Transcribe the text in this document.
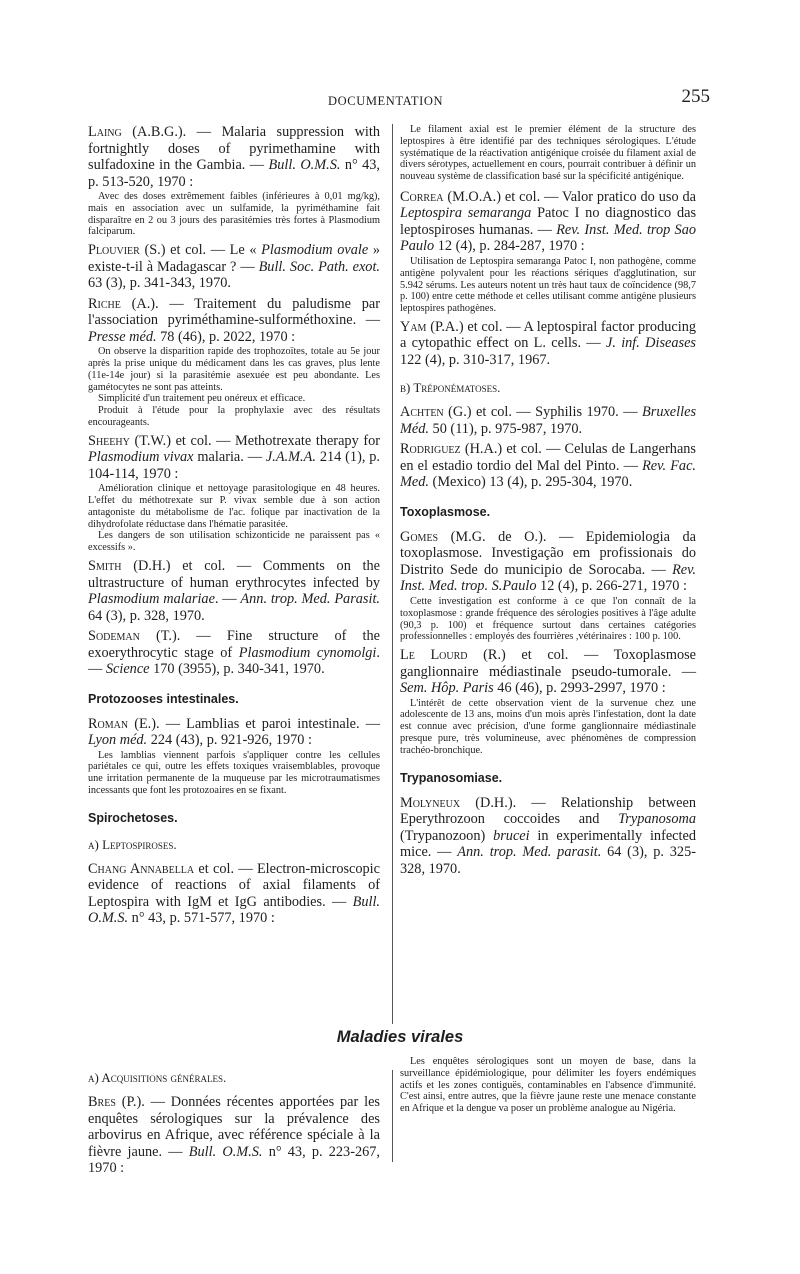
DOCUMENTATION	255
Laing (A.B.G.). — Malaria suppression with fortnightly doses of pyrimethamine with sulfadoxine in the Gambia. — Bull. O.M.S. n° 43, p. 513-520, 1970 :

Avec des doses extrêmement faibles (inférieures à 0,01 mg/kg), mais en association avec un sulfamide, la pyriméthamine fait disparaître en 2 ou 3 jours des parasitémies très fortes à Plasmodium falciparum.

Plouvier (S.) et col. — Le « Plasmodium ovale » existe-t-il à Madagascar ? — Bull. Soc. Path. exot. 63 (3), p. 341-343, 1970.
Riche (A.). — Traitement du paludisme par l'association pyriméthamine-sulforméthoxine. — Presse méd. 78 (46), p. 2022, 1970 :

On observe la disparition rapide des trophozoïtes, totale au 5e jour après la prise unique du médicament dans les cas graves, plus lente (11e-14e jour) si la parasitémie asexuée est peu abondante. Les gamétocytes ne sont pas atteints.

Simplicité d'un traitement peu onéreux et efficace.

Produit à l'étude pour la prophylaxie avec des résultats encourageants.

Sheehy (T.W.) et col. — Methotrexate therapy for Plasmodium vivax malaria. — J.A.M.A. 214 (1), p. 104-114, 1970 :

Amélioration clinique et nettoyage parasitologique en 48 heures. L'effet du méthotrexate sur P. vivax semble due à son action antagoniste du métabolisme de l'ac. folique par inactivation de la dihydrofolate réductase dans l'hématie parasitée.

Les dangers de son utilisation schizonticide ne paraissent pas « excessifs ».

Smith (D.H.) et col. — Comments on the ultrastructure of human erythrocytes infected by Plasmodium malariae. — Ann. trop. Med. Parasit. 64 (3), p. 328, 1970.
Sodeman (T.). — Fine structure of the exoerythrocytic stage of Plasmodium cynomolgi. — Science 170 (3955), p. 340-341, 1970.
Protozooses intestinales.
Roman (E.). — Lamblias et paroi intestinale. — Lyon méd. 224 (43), p. 921-926, 1970 :

Les lamblias viennent parfois s'appliquer contre les cellules pariétales ce qui, outre les effets toxiques vraisemblables, provoque une irritation permanente de la muqueuse par les microtraumatismes incessants que font les protozoaires en se fixant.

Spirochetoses.
a) Leptospiroses.
Chang Annabella et col. — Electron-microscopic evidence of reactions of axial filaments of Leptospira with IgM et IgG antibodies. — Bull. O.M.S. n° 43, p. 571-577, 1970 :
Le filament axial est le premier élément de la structure des leptospires à être identifié par des techniques sérologiques. L'étude systématique de la réactivation antigénique croisée du filament axial de divers sérotypes, actuellement en cours, pourrait contribuer à définir un nouveau système de classification basé sur la spécificité antigénique.
Correa (M.O.A.) et col. — Valor pratico do uso da Leptospira semaranga Patoc I no diagnostico das leptospiroses humanas. — Rev. Inst. Med. trop Sao Paulo 12 (4), p. 284-287, 1970 :

Utilisation de Leptospira semaranga Patoc I, non pathogène, comme antigène polyvalent pour les réactions sériques d'agglutination, sur 5.942 sérums. Les auteurs notent un très haut taux de coïncidence (98,7 p. 100) entre cette méthode et celles utilisant comme antigène plusieurs leptospires pathogènes.

Yam (P.A.) et col. — A leptospiral factor producing a cytopathic effect on L. cells. — J. inf. Diseases 122 (4), p. 310-317, 1967.
b) Tréponématoses.
Achten (G.) et col. — Syphilis 1970. — Bruxelles Méd. 50 (11), p. 975-987, 1970.
Rodriguez (H.A.) et col. — Celulas de Langerhans en el estadio tordio del Mal del Pinto. — Rev. Fac. Med. (Mexico) 13 (4), p. 295-304, 1970.
Toxoplasmose.
Gomes (M.G. de O.). — Epidemiologia da toxoplasmose. Investigação em profissionais do Distrito Sede do municipio de Sorocaba. — Rev. Inst. Med. trop. S.Paulo 12 (4), p. 266-271, 1970 :

Cette investigation est conforme à ce que l'on connaît de la toxoplasmose : grande fréquence des sérologies positives à l'âge adulte (90,3 p. 100) et fréquence surtout dans certaines catégories professionnelles : employés des fourrières ,vétérinaires : 100 p. 100.

Le Lourd (R.) et col. — Toxoplasmose ganglionnaire médiastinale pseudo-tumorale. — Sem. Hôp. Paris 46 (46), p. 2993-2997, 1970 :

L'intérêt de cette observation vient de la survenue chez une adolescente de 13 ans, moins d'un mois après l'infestation, dont la date est connue avec précision, d'une forme ganglionnaire médiastinale presque pure, très volumineuse, avec phénomènes de compression trachéo-bronchique.

Trypanosomiase.
Molyneux (D.H.). — Relationship between Eperythrozoon coccoides and Trypanosoma (Trypanozoon) brucei in experimentally infected mice. — Ann. trop. Med. parasit. 64 (3), p. 325-328, 1970.
Maladies virales
a) Acquisitions générales.
Bres (P.). — Données récentes apportées par les enquêtes sérologiques sur la prévalence des arbovirus en Afrique, avec référence spéciale à la fièvre jaune. — Bull. O.M.S. n° 43, p. 223-267, 1970 :
Les enquêtes sérologiques sont un moyen de base, dans la surveillance épidémiologique, pour délimiter les foyers endémiques actifs et les zones contiguës, contaminables en l'absence d'immunité. C'est ainsi, entre autres, que la fièvre jaune reste une menace constante en Afrique et la dengue va poser un problème analogue au Nigéria.
